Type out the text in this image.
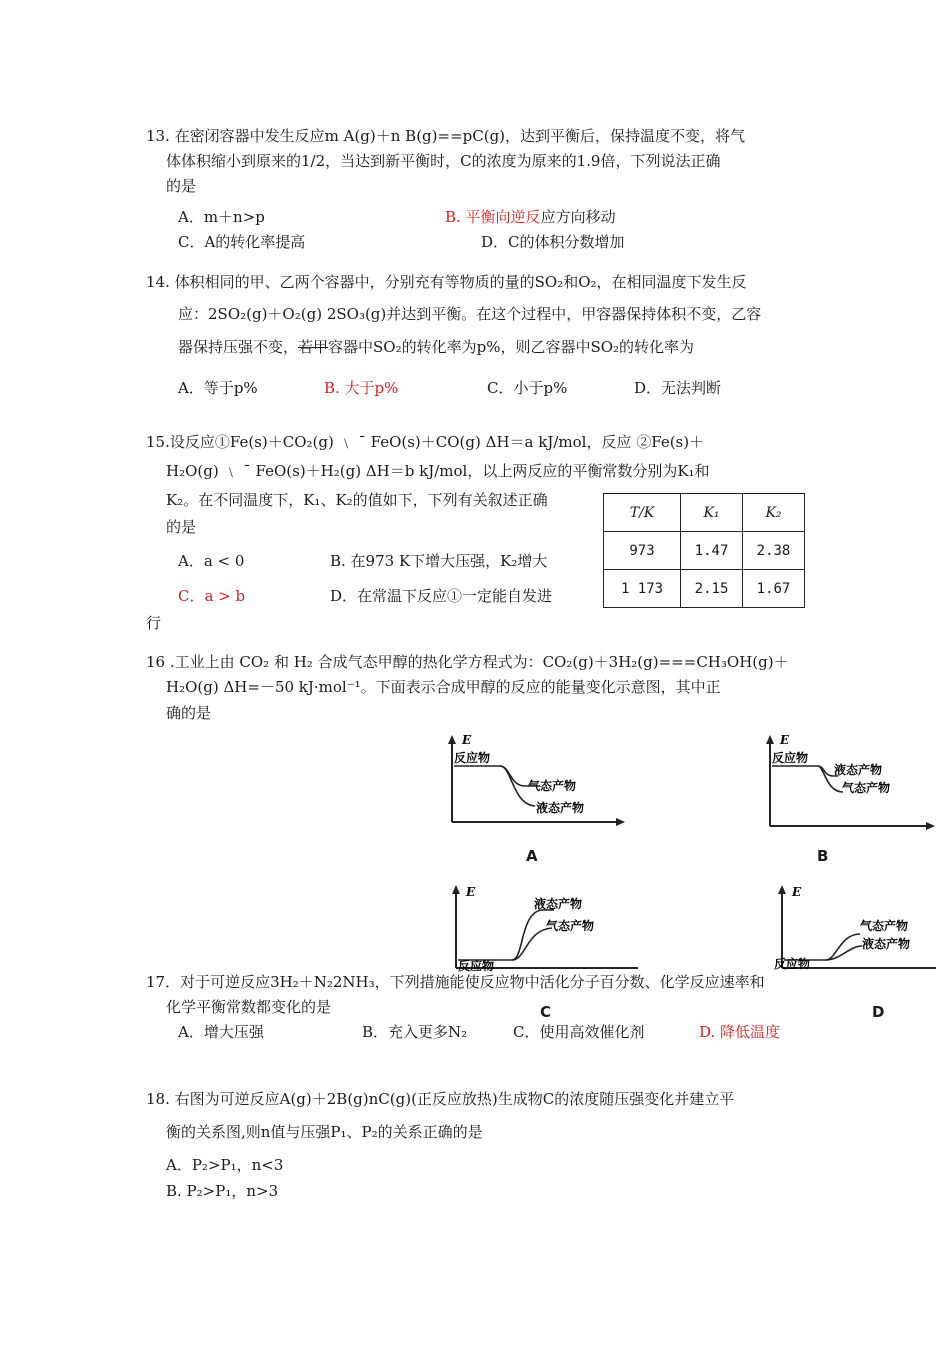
13. 在密闭容器中发生反应m A(g)＋n B(g)==pC(g)，达到平衡后，保持温度不变，将气
体体积缩小到原来的1/2，当达到新平衡时，C的浓度为原来的1.9倍，下列说法正确
的是
A．m＋n>p	B. 平衡向逆反应方向移动
C．A的转化率提高	D．C的体积分数增加
14. 体积相同的甲、乙两个容器中，分别充有等物质的量的SO₂和O₂，在相同温度下发生反
应：2SO₂(g)＋O₂(g) 2SO₃(g)并达到平衡。在这个过程中，甲容器保持体积不变，乙容
器保持压强不变，若甲容器中SO₂的转化率为p%，则乙容器中SO₂的转化率为
A．等于p%	B. 大于p%	C．小于p%	D．无法判断
15.设反应①Fe(s)＋CO₂(g) ﹨ ˉ FeO(s)＋CO(g) ΔH＝a kJ/mol，反应 ②Fe(s)＋
H₂O(g) ﹨ ˉ FeO(s)＋H₂(g) ΔH＝b kJ/mol，以上两反应的平衡常数分别为K₁和
K₂。在不同温度下，K₁、K₂的值如下，下列有关叙述正确
的是
A．a < 0	B. 在973 K下增大压强，K₂增大
C．a > b	D．在常温下反应①一定能自发进
行
T/K	K₁	K₂
973	1.47	2.38
1 173	2.15	1.67
16 .工业上由 CO₂ 和 H₂ 合成气态甲醇的热化学方程式为：CO₂(g)＋3H₂(g)===CH₃OH(g)＋
H₂O(g) ΔH=－50 kJ·mol⁻¹。下面表示合成甲醇的反应的能量变化示意图，其中正
确的是
E
反应物
气态产物
液态产物
A
E
反应物
液态产物
气态产物
B
E
反应物
液态产物
气态产物
C
E
反应物
气态产物
液态产物
D
17．对于可逆反应3H₂＋N₂2NH₃，下列措施能使反应物中活化分子百分数、化学反应速率和
化学平衡常数都变化的是
A．增大压强	B．充入更多N₂	C．使用高效催化剂	D. 降低温度
18. 右图为可逆反应A(g)＋2B(g)nC(g)(正反应放热)生成物C的浓度随压强变化并建立平
衡的关系图,则n值与压强P₁、P₂的关系正确的是
A．P₂>P₁，n<3
B. P₂>P₁，n>3
